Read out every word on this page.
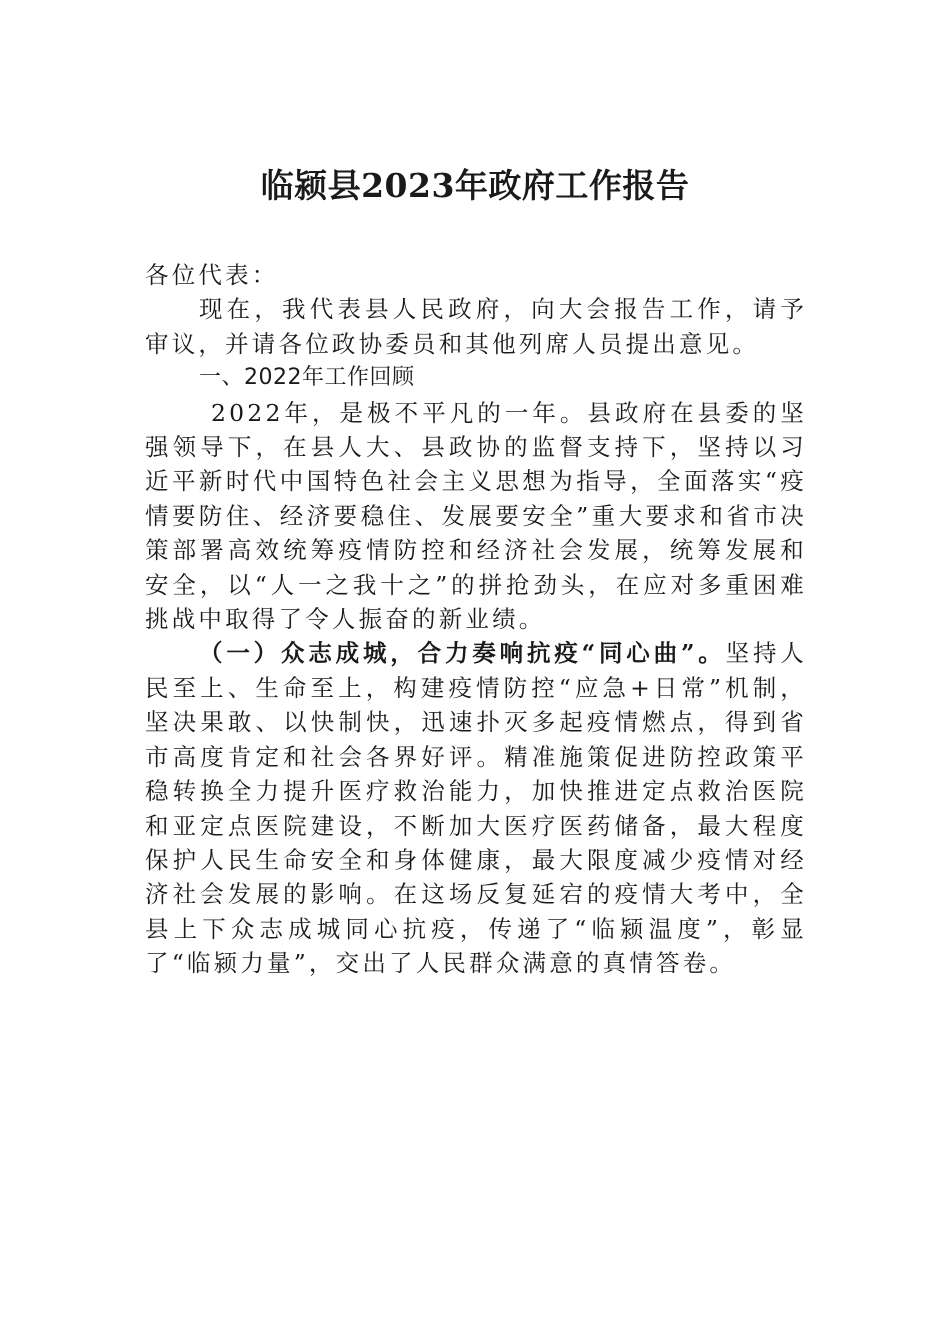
临颍县2023年政府工作报告

各位代表：

现在，我代表县人民政府，向大会报告工作，请予审议，并请各位政协委员和其他列席人员提出意见。

一、2022年工作回顾

2022年，是极不平凡的一年。县政府在县委的坚强领导下，在县人大、县政协的监督支持下，坚持以习近平新时代中国特色社会主义思想为指导，全面落实“疫情要防住、经济要稳住、发展要安全”重大要求和省市决策部署高效统筹疫情防控和经济社会发展，统筹发展和安全，以“人一之我十之”的拼抢劲头，在应对多重困难挑战中取得了令人振奋的新业绩。

（一）众志成城，合力奏响抗疫“同心曲”。坚持人民至上、生命至上，构建疫情防控“应急+日常”机制，坚决果敢、以快制快，迅速扑灭多起疫情燃点，得到省市高度肯定和社会各界好评。精准施策促进防控政策平稳转换全力提升医疗救治能力，加快推进定点救治医院和亚定点医院建设，不断加大医疗医药储备，最大程度保护人民生命安全和身体健康，最大限度减少疫情对经济社会发展的影响。在这场反复延宕的疫情大考中，全县上下众志成城同心抗疫，传递了“临颍温度”，彰显了“临颍力量”，交出了人民群众满意的真情答卷。
